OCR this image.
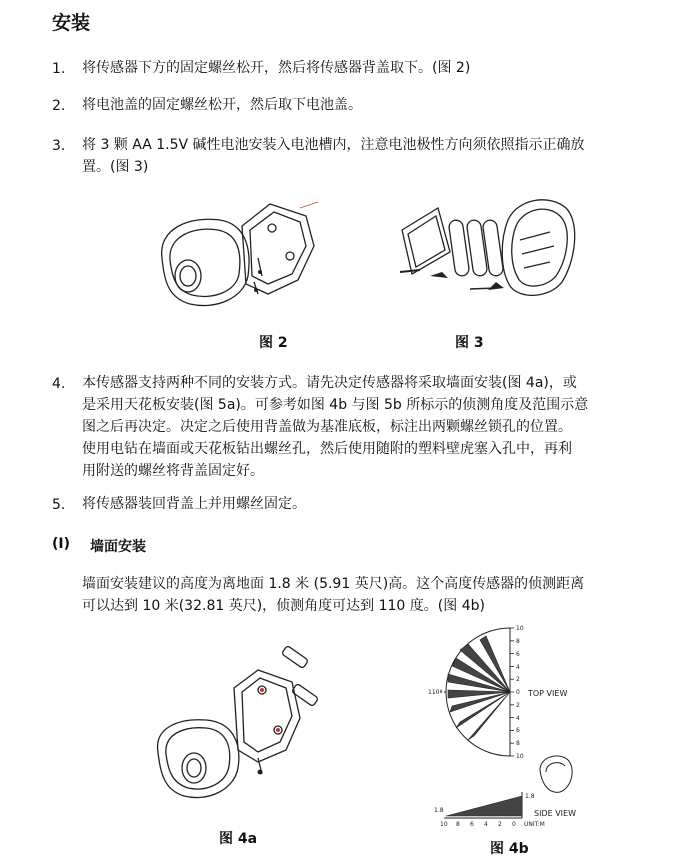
安装
1. 将传感器下方的固定螺丝松开，然后将传感器背盖取下。(图 2)
2. 将电池盖的固定螺丝松开，然后取下电池盖。
3. 将 3 颗 AA 1.5V 碱性电池安装入电池槽内，注意电池极性方向须依照指示正确放
置。(图 3)
图 2	图 3
4. 本传感器支持两种不同的安装方式。请先决定传感器将采取墙面安装(图 4a)，或
是采用天花板安装(图 5a)。可参考如图 4b 与图 5b 所标示的侦测角度及范围示意
图之后再决定。决定之后使用背盖做为基准底板，标注出两颗螺丝锁孔的位置。
使用电钻在墙面或天花板钻出螺丝孔，然后使用随附的塑料壁虎塞入孔中，再利
用附送的螺丝将背盖固定好。
5. 将传感器装回背盖上并用螺丝固定。
(I) 墙面安装
墙面安装建议的高度为离地面 1.8 米 (5.91 英尺)高。这个高度传感器的侦测距离
可以达到 10 米(32.81 英尺)，侦测角度可达到 110 度。(图 4b)
10
8
6
4
2
0
2
4
6
8
10
110°	TOP VIEW
10 8 6 4 2 0 UNIT:M
1.8
1.8
SIDE VIEW
图 4a
图 4b
